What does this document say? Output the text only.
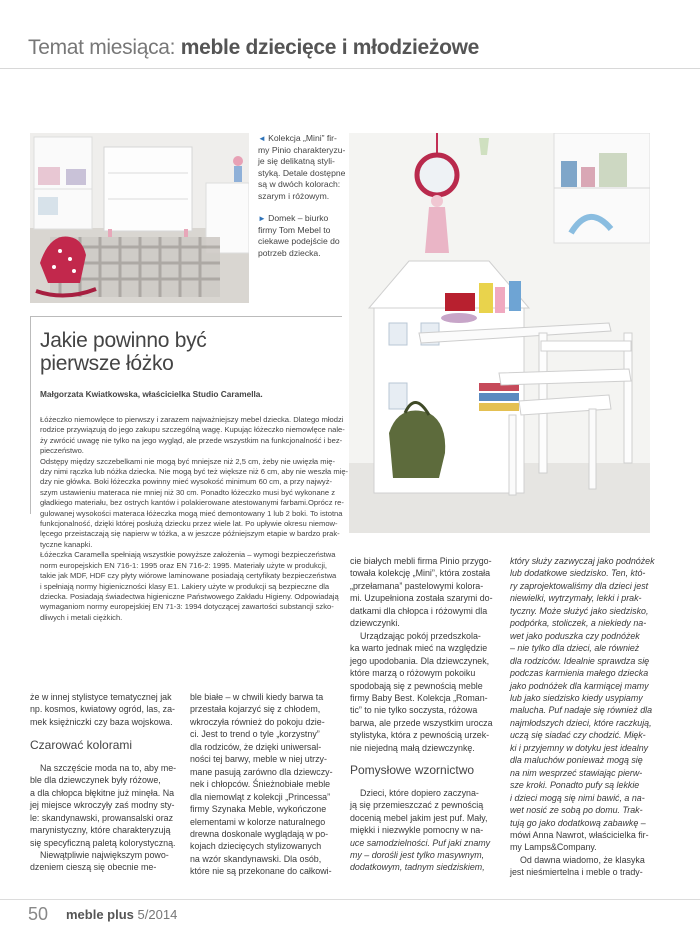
Temat miesiąca: meble dziecięce i młodzieżowe
◄ Kolekcja „Mini” fir-
my Pinio charakteryzu-
je się delikatną styli-
styką. Detale dostępne
są w dwóch kolorach:
szarym i różowym.
► Domek – biurko
firmy Tom Mebel to
ciekawe podejście do
potrzeb dziecka.
Jakie powinno być
pierwsze łóżko
Małgorzata Kwiatkowska, właścicielka Studio Caramella.
Łóżeczko niemowlęce to pierwszy i zarazem najważniejszy mebel dziecka. Dlatego młodzi
rodzice przywiązują do jego zakupu szczególną wagę. Kupując łóżeczko niemowlęce nale-
ży zwrócić uwagę nie tylko na jego wygląd, ale przede wszystkim na funkcjonalność i bez-
pieczeństwo.
Odstępy między szczebelkami nie mogą być mniejsze niż 2,5 cm, żeby nie uwięzła mię-
dzy nimi rączka lub nóżka dziecka. Nie mogą być też większe niż 6 cm, aby nie weszła mię-
dzy nie główka. Boki łóżeczka powinny mieć wysokość minimum 60 cm, a przy najwyż-
szym ustawieniu materaca nie mniej niż 30 cm. Ponadto łóżeczko musi być wykonane z
gładkiego materiału, bez ostrych kantów i polakierowane atestowanymi farbami.Oprócz re-
gulowanej wysokości materaca łóżeczka mogą mieć demontowany 1 lub 2 boki. To istotna
funkcjonalność, dzięki której posłużą dziecku przez wiele lat. Po upływie okresu niemow-
lęcego przeistaczają się napierw w tóżka, a w jeszcze późniejszym etapie w bardzo prak-
tyczne kanapki.
Łóżeczka Caramella spełniają wszystkie powyższe założenia – wymogi bezpieczeństwa
norm europejskich EN 716-1: 1995 oraz EN 716-2: 1995. Materiały użyte w produkcji,
takie jak MDF, HDF czy płyty wiórowe laminowane posiadają certyfikaty bezpieczeństwa
i spełniają normy higieniczności klasy E1. Lakiery użyte w produkcji są bezpieczne dla
dziecka. Posiadają świadectwa higieniczne Państwowego Zakładu Higieny. Odpowiadają
wymaganiom normy europejskiej EN 71-3: 1994 dotyczącej zawartości substancji szko-
dliwych i metali ciężkich.
że w innej stylistyce tematycznej jak
np. kosmos, kwiatowy ogród, las, za-
mek księżniczki czy baza wojskowa.
Czarować kolorami
Na szczęście moda na to, aby me-
ble dla dziewczynek były różowe,
a dla chłopca błękitne już minęła. Na
jej miejsce wkroczyły zaś modny sty-
le: skandynawski, prowansalski oraz
marynistyczny, które charakteryzują
się specyficzną paletą kolorystyczną.
Niewątpliwie największym powo-
dzeniem cieszą się obecnie me-
ble białe – w chwili kiedy barwa ta
przestała kojarzyć się z chłodem,
wkroczyła również do pokoju dzie-
ci. Jest to trend o tyle „korzystny”
dla rodziców, że dzięki uniwersal-
ności tej barwy, meble w niej utrzy-
mane pasują zarówno dla dziewczy-
nek i chłopców. Śnieżnobiałe meble
dla niemowląt z kolekcji „Princessa”
firmy Szynaka Meble, wykończone
elementami w kolorze naturalnego
drewna doskonale wyglądają w po-
kojach dziecięcych stylizowanych
na wzór skandynawski. Dla osób,
które nie są przekonane do całkowi-
cie białych mebli firma Pinio przygo-
towała kolekcję „Mini”, która została
„przełamana” pastelowymi kolora-
mi. Uzupełniona została szarymi do-
datkami dla chłopca i różowymi dla
dziewczynki.
Urządzając pokój przedszkola-
ka warto jednak mieć na względzie
jego upodobania. Dla dziewczynek,
które marzą o różowym pokoiku
spodobają się z pewnością meble
firmy Baby Best. Kolekcja „Roman-
tic” to nie tylko soczysta, różowa
barwa, ale przede wszystkim urocza
stylistyka, która z pewnością urzek-
nie niejedną małą dziewczynkę.
Pomysłowe wzornictwo
Dzieci, które dopiero zaczyna-
ją się przemieszczać z pewnością
docenią mebel jakim jest puf. Mały,
miękki i niezwykle pomocny w na-
uce samodzielności. Puf jaki znamy
my – dorośli jest tylko masywnym,
dodatkowym, tadnym siedziskiem,
który służy zazwyczaj jako podnóżek
lub dodatkowe siedzisko. Ten, któ-
ry zaprojektowaliśmy dla dzieci jest
niewielki, wytrzymały, lekki i prak-
tyczny. Może służyć jako siedzisko,
podpórka, stoliczek, a niekiedy na-
wet jako poduszka czy podnóżek
– nie tylko dla dzieci, ale również
dla rodziców. Idealnie sprawdza się
podczas karmienia małego dziecka
jako podnóżek dla karmiącej mamy
lub jako siedzisko kiedy usypiamy
malucha. Puf nadaje się również dla
najmłodszych dzieci, które raczkują,
uczą się siadać czy chodzić. Mięk-
ki i przyjemny w dotyku jest idealny
dla maluchów ponieważ mogą się
na nim wesprzeć stawiając pierw-
sze kroki. Ponadto pufy są lekkie
i dzieci mogą się nimi bawić, a na-
wet nosić ze sobą po domu. Trak-
tują go jako dodatkową zabawkę –
mówi Anna Nawrot, właścicielka fir-
my Lamps&Company.
Od dawna wiadomo, że klasyka
jest nieśmiertelna i meble o trady-
50 meble plus 5/2014
